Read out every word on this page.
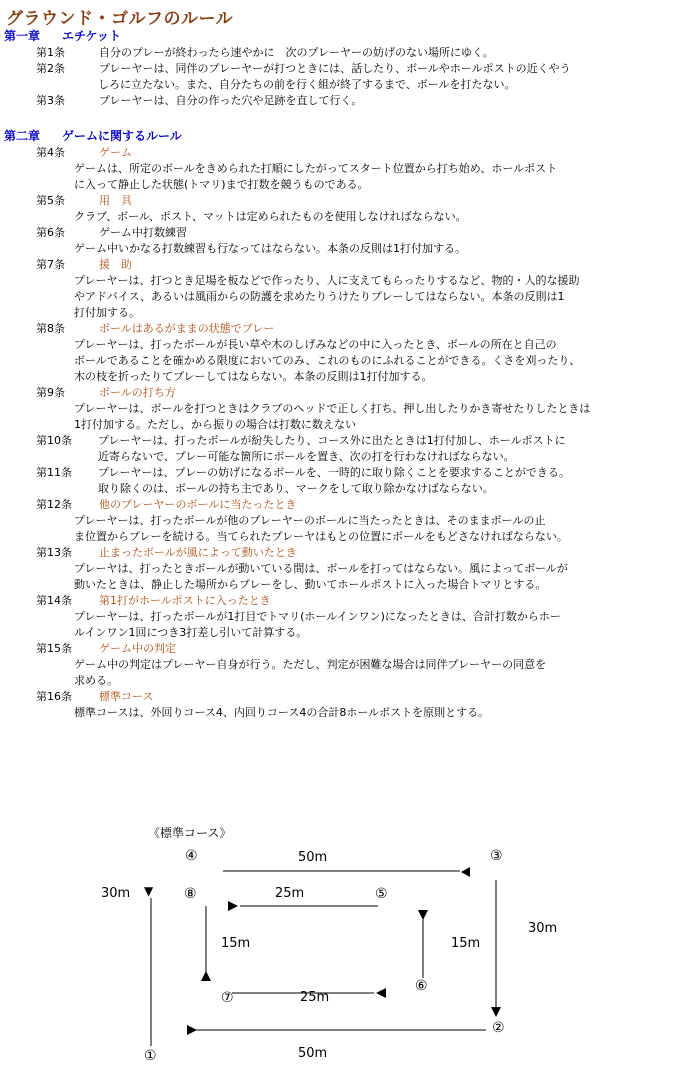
グラウンド・ゴルフのルール
第一章 エチケット
第1条	自分のプレーが終わったら速やかに　次のプレーヤーの妨げのない場所にゆく。
第2条	プレーヤーは、同伴のプレーヤーが打つときには、話したり、ボールやホールポストの近くやう
しろに立たない。また、自分たちの前を行く組が終了するまで、ボールを打たない。
第3条	プレーヤーは、自分の作った穴や足跡を直して行く。
第二章 ゲームに関するルール
第4条	ゲーム
ゲームは、所定のボールをきめられた打順にしたがってスタート位置から打ち始め、ホールポスト
に入って静止した状態(トマリ)まで打数を競うものである。
第5条	用　具
クラブ、ボール、ポスト、マットは定められたものを使用しなければならない。
第6条	ゲーム中打数練習
ゲーム中いかなる打数練習も行なってはならない。本条の反則は1打付加する。
第7条	援　助
プレーヤーは、打つとき足場を板などで作ったり、人に支えてもらったりするなど、物的・人的な援助
やアドバイス、あるいは風雨からの防護を求めたりうけたりプレーしてはならない。本条の反則は1
打付加する。
第8条	ボールはあるがままの状態でプレー
プレーヤーは、打ったボールが長い草や木のしげみなどの中に入ったとき、ボールの所在と自己の
ボールであることを確かめる限度においてのみ、これのものにふれることができる。くさを刈ったり、
木の枝を折ったりてプレーしてはならない。本条の反則は1打付加する。
第9条	ボールの打ち方
プレーヤーは、ボールを打つときはクラブのヘッドで正しく打ち、押し出したりかき寄せたりしたときは
1打付加する。ただし、から振りの場合は打数に数えない
第10条 プレーヤーは、打ったボールが紛失したり、コース外に出たときは1打付加し、ホールポストに
近寄らないで、プレー可能な箇所にボールを置き、次の打を行わなければならない。
第11条 プレーヤーは、プレーの妨げになるボールを、一時的に取り除くことを要求することができる。
取り除くのは、ボールの持ち主であり、マークをして取り除かなけばならない。
第12条 他のプレーヤーのボールに当たったとき
プレーヤーは、打ったボールが他のプレーヤーのボールに当たったときは、そのままボールの止
ま位置からプレーを続ける。当てられたプレーヤはもとの位置にボールをもどさなければならない。
第13条 止まったボールが風によって動いたとき
プレーヤは、打ったときボールが動いている間は、ボールを打ってはならない。風によってボールが
動いたときは、静止した場所からプレーをし、動いてホールポストに入った場合トマリとする。
第14条 第1打がホールポストに入ったとき
プレーヤーは、打ったボールが1打目でトマリ(ホールインワン)になったときは、合計打数からホー
ルインワン1回につき3打差し引いて計算する。
第15条 ゲーム中の判定
ゲーム中の判定はプレーヤー自身が行う。ただし、判定が困難な場合は同伴プレーヤーの同意を
求める。
第16条 標準コース
標準コースは、外回りコース4、内回りコース4の合計8ホールポストを原則とする。
《標準コース》
④	③
⑧	⑤
⑥
⑦
②
①
50m
30m ▼	25m
30m
15m	15m
25m
50m
